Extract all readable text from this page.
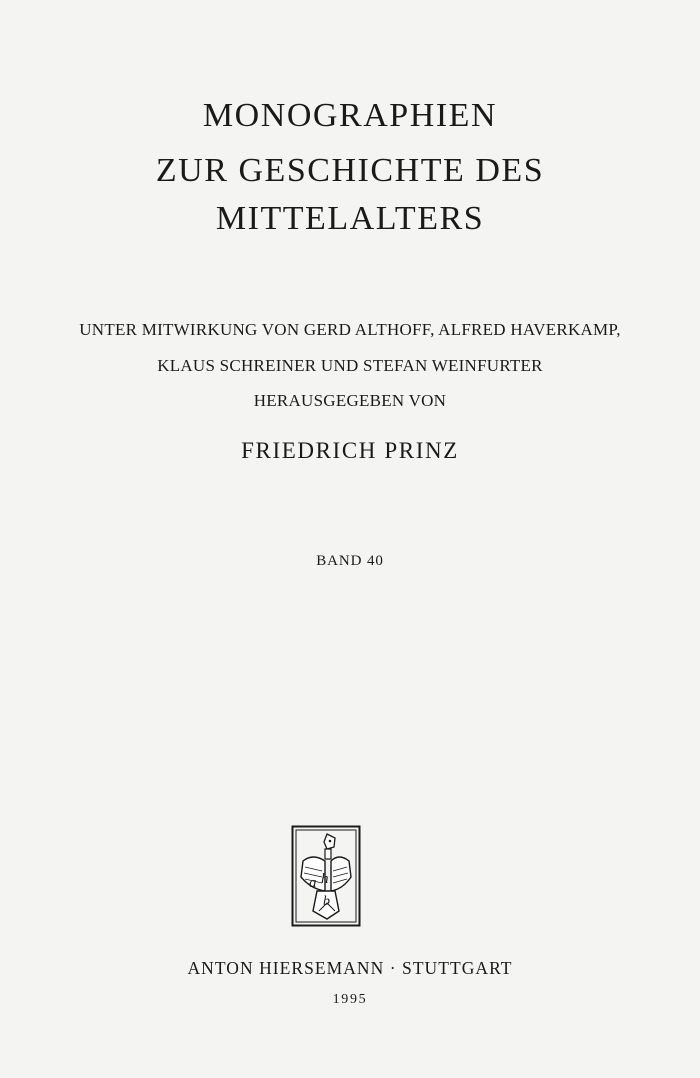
MONOGRAPHIEN
ZUR GESCHICHTE DES
MITTELALTERS
UNTER MITWIRKUNG VON GERD ALTHOFF, ALFRED HAVERKAMP,
KLAUS SCHREINER UND STEFAN WEINFURTER
HERAUSGEGEBEN VON
FRIEDRICH PRINZ
BAND 40
a h
b
ANTON HIERSEMANN · STUTTGART
1995
